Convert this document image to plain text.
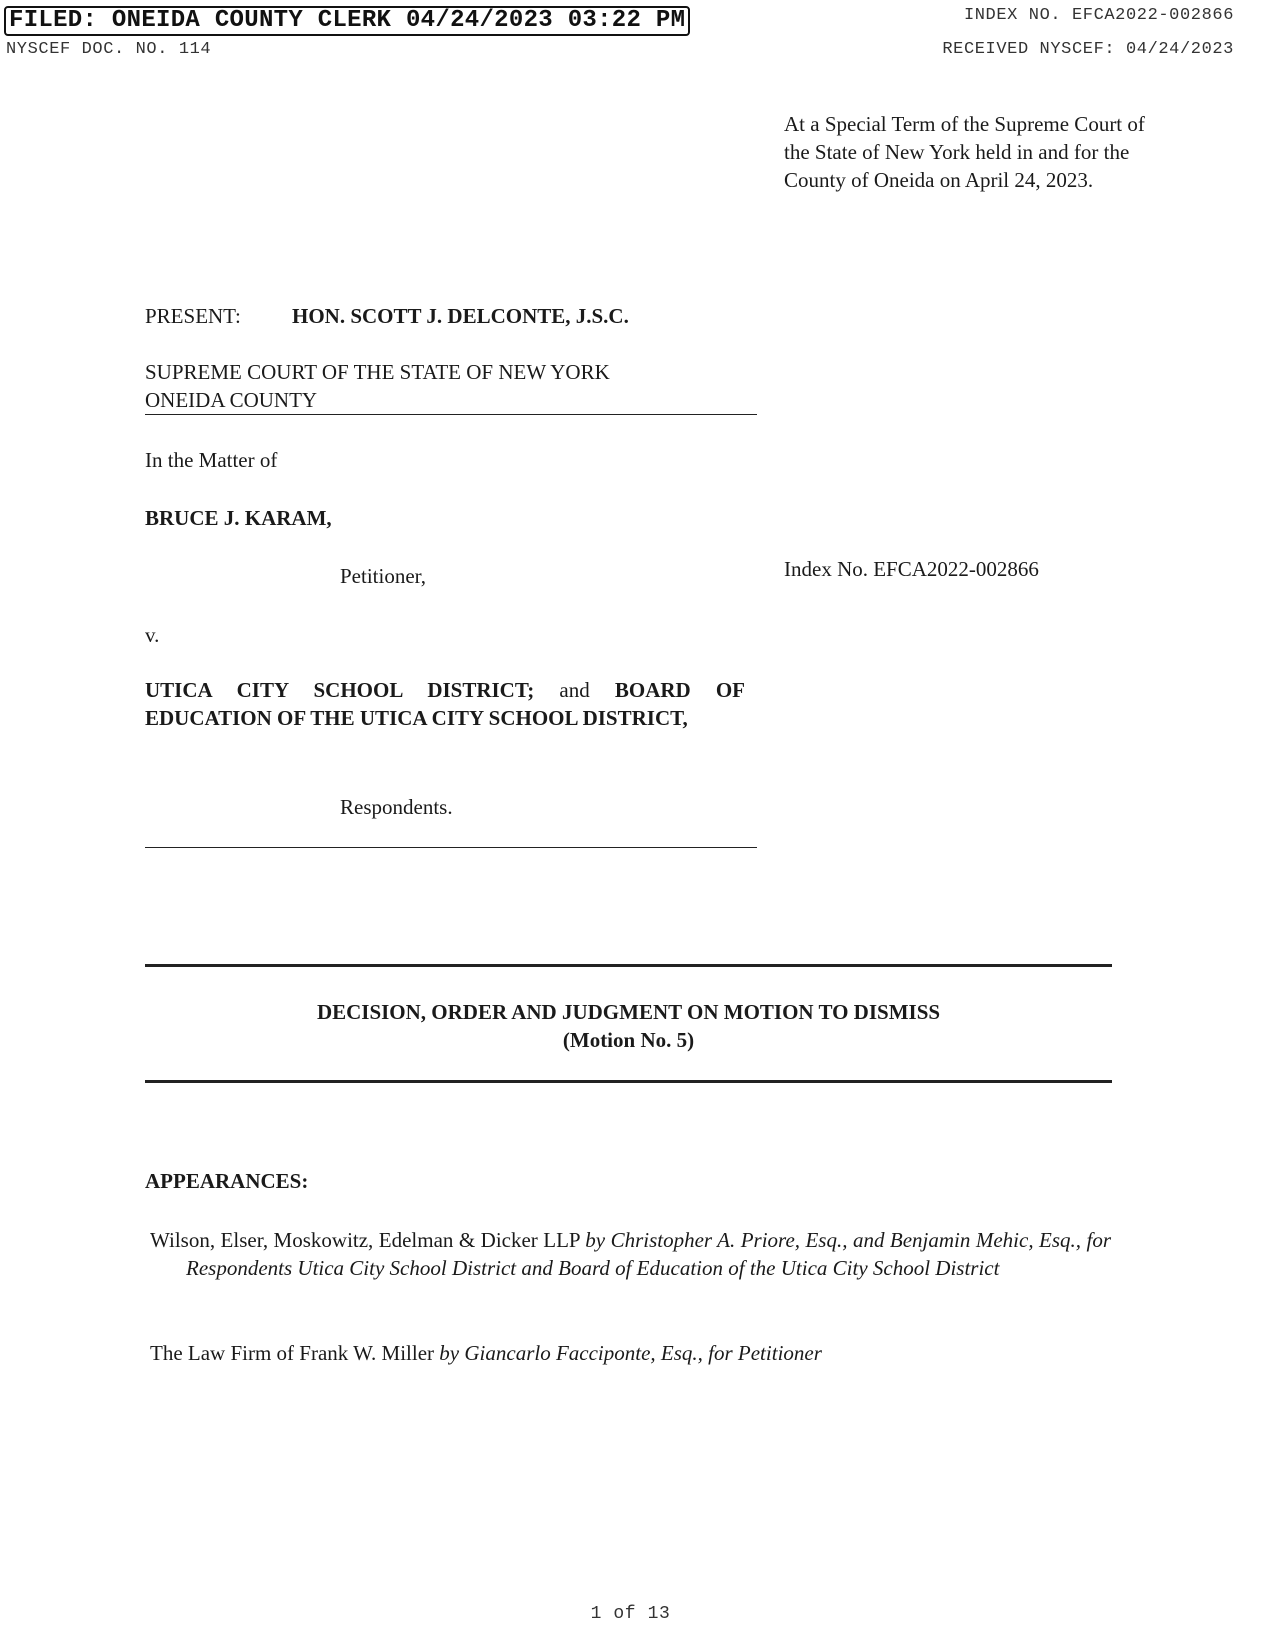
FILED: ONEIDA COUNTY CLERK 04/24/2023 03:22 PM
NYSCEF DOC. NO. 114
INDEX NO. EFCA2022-002866
RECEIVED NYSCEF: 04/24/2023
At a Special Term of the Supreme Court of the State of New York held in and for the County of Oneida on April 24, 2023.
PRESENT: HON. SCOTT J. DELCONTE, J.S.C.
SUPREME COURT OF THE STATE OF NEW YORK
ONEIDA COUNTY
In the Matter of
BRUCE J. KARAM,
Petitioner,	Index No. EFCA2022-002866
v.
UTICA CITY SCHOOL DISTRICT; and BOARD OF EDUCATION OF THE UTICA CITY SCHOOL DISTRICT,
Respondents.
DECISION, ORDER AND JUDGMENT ON MOTION TO DISMISS
(Motion No. 5)
APPEARANCES:
Wilson, Elser, Moskowitz, Edelman & Dicker LLP by Christopher A. Priore, Esq., and Benjamin Mehic, Esq., for Respondents Utica City School District and Board of Education of the Utica City School District
The Law Firm of Frank W. Miller by Giancarlo Facciponte, Esq., for Petitioner
1 of 13
